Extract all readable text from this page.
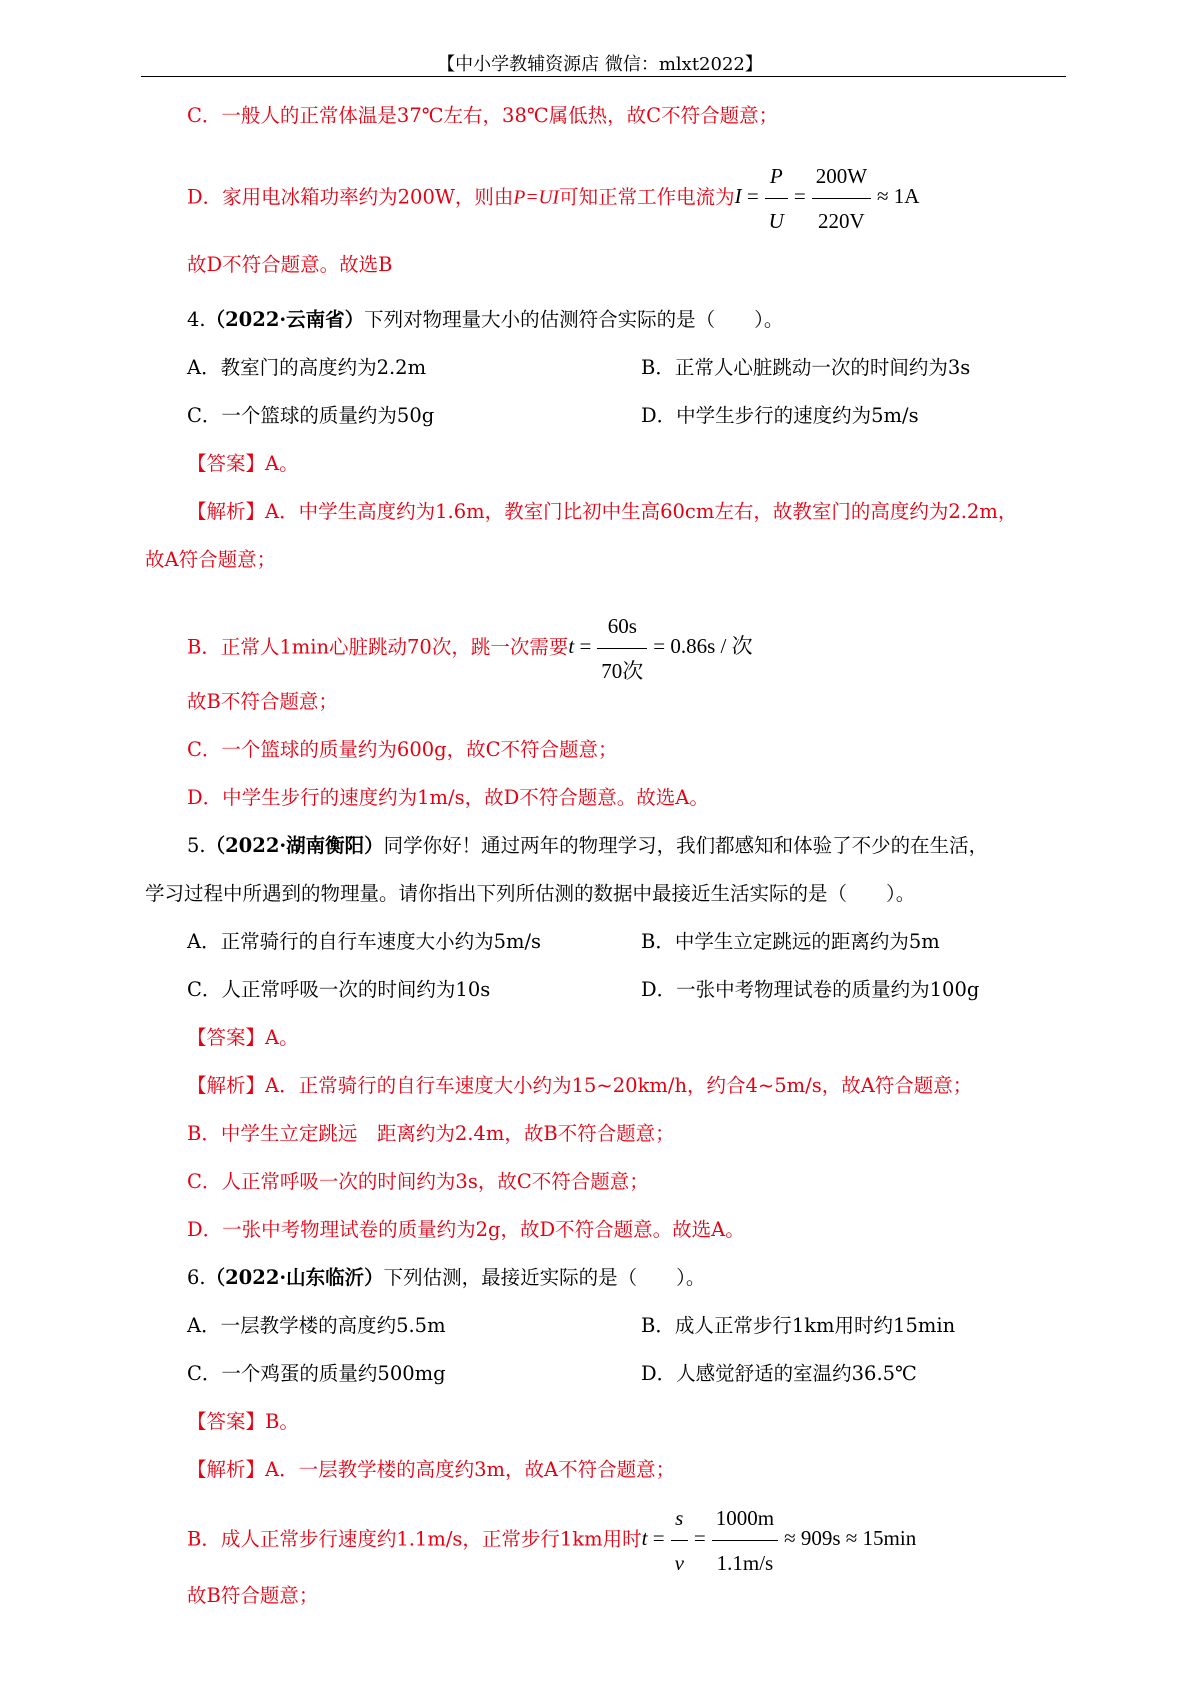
【中小学教辅资源店 微信：mlxt2022】
C．一般人的正常体温是37℃左右，38℃属低热，故C不符合题意；
D．家用电冰箱功率约为200W，则由P=UI可知正常工作电流为$I = \frac{P}{U} = \frac{200W}{220V} \approx 1A$
故D不符合题意。故选B
4.（2022·云南省）下列对物理量大小的估测符合实际的是（　　）。
A．教室门的高度约为2.2m	B．正常人心脏跳动一次的时间约为3s
C．一个篮球的质量约为50g	D．中学生步行的速度约为5m/s
【答案】A。
【解析】A．中学生高度约为1.6m，教室门比初中生高60cm左右，故教室门的高度约为2.2m，
故A符合题意；
B．正常人1min心脏跳动70次，跳一次需要$t = \frac{60s}{\text{70次}} = 0.86s$ / 次
故B不符合题意；
C．一个篮球的质量约为600g，故C不符合题意；
D．中学生步行的速度约为1m/s，故D不符合题意。故选A。
5.（2022·湖南衡阳）同学你好！通过两年的物理学习，我们都感知和体验了不少的在生活，
学习过程中所遇到的物理量。请你指出下列所估测的数据中最接近生活实际的是（　　）。
A．正常骑行的自行车速度大小约为5m/s	B．中学生立定跳远的距离约为5m
C．人正常呼吸一次的时间约为10s	D．一张中考物理试卷的质量约为100g
【答案】A。
【解析】A．正常骑行的自行车速度大小约为15~20km/h，约合4~5m/s，故A符合题意；
B．中学生立定跳远　距离约为2.4m，故B不符合题意；
C．人正常呼吸一次的时间约为3s，故C不符合题意；
D．一张中考物理试卷的质量约为2g，故D不符合题意。故选A。
6.（2022·山东临沂）下列估测，最接近实际的是（　　）。
A．一层教学楼的高度约5.5m	B．成人正常步行1km用时约15min
C．一个鸡蛋的质量约500mg	D．人感觉舒适的室温约36.5℃
【答案】B。
【解析】A．一层教学楼的高度约3m，故A不符合题意；
B．成人正常步行速度约1.1m/s，正常步行1km用时$t = \frac{s}{v} = \frac{1000m}{1.1m/s} \approx 909s \approx 15\min$
故B符合题意；
